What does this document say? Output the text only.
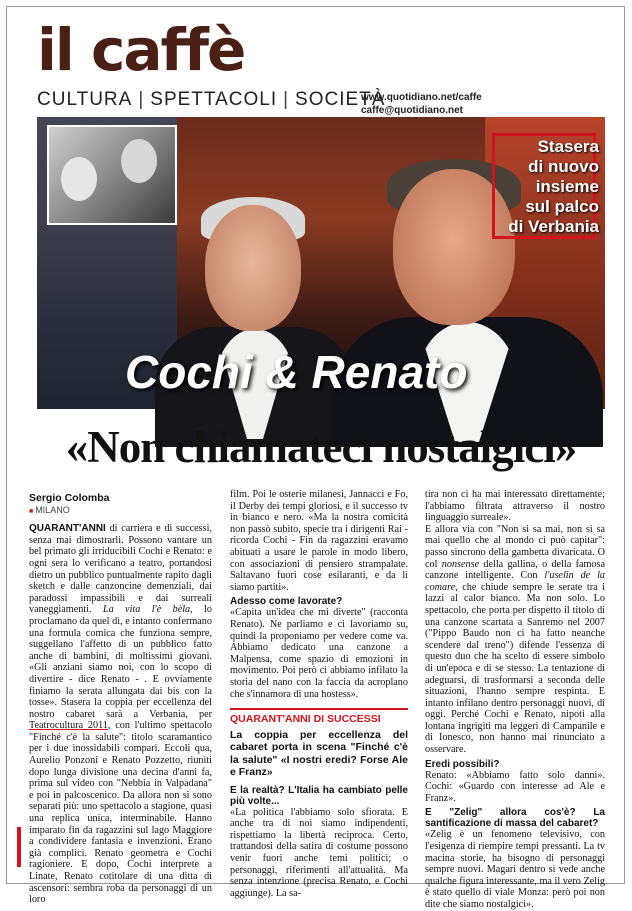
il caffè
CULTURA | SPETTACOLI | SOCIETÀ
www.quotidiano.net/caffe
caffe@quotidiano.net
Stasera
di nuovo
insieme
sul palco
di Verbania
Cochi & Renato
«Non chiamateci nostalgici»
Sergio Colomba
■ MILANO

QUARANT'ANNI di carriera e di successi, senza mai dimostrarli. Possono vantare un bel primato gli irriducibili Cochi e Renato: e ogni sera lo verificano a teatro, portandosi dietro un pubblico puntualmente rapito dagli sketch e dalle canzoncine demenziali, dai paradossi impassibili e dai surreali vaneggiamenti. La vita l'è bèla, lo proclamano da quel dì, e intanto confermano una formula comica che funziona sempre, suggellano l'affetto di un pubblico fatto anche di bambini, di moltissimi giovani. «Gli anziani siamo noi, con lo scopo di divertire - dice Renato - . E ovviamente finiamo la serata allungata dai bis con la tosse». Stasera la coppia per eccellenza del nostro cabaret sarà a Verbania, per Teatrocultura 2011, con l'ultimo spettacolo "Finché c'è la salute": titolo scaramantico per i due inossidabili compari. Eccoli qua, Aurelio Ponzoni e Renato Pozzetto, riuniti dopo lunga divisione una decina d'anni fa, prima sul video con "Nebbia in Valpadana" e poi in palcoscenico. Da allora non si sono separati più: uno spettacolo a stagione, quasi una replica unica, interminabile. Hanno imparato fin da ragazzini sul lago Maggiore a condividere fantasia e invenzioni. Erano già complici. Renato geometra e Cochi ragioniere. E dopo, Cochi interprete a Linate, Renato cotitolare di una ditta di ascensori: sembra roba da personaggi di un loro

film. Poi le osterie milanesi, Jannacci e Fo, il Derby dei tempi gloriosi, e il successo tv in bianco e nero. «Ma la nostra comicità non passò subito, specie tra i dirigenti Rai - ricorda Cochi - Fin da ragazzini eravamo abituati a usare le parole in modo libero, con associazioni di pensiero strampalate. Saltavano fuori cose esilaranti, e da lì siamo partiti».

Adesso come lavorate?

«Capita un'idea che mi diverte" (racconta Renato). Ne parliamo e ci lavoriamo su, quindi la proponiamo per vedere come va. Abbiamo dedicato una canzone a Malpensa, come spazio di emozioni in movimento. Poi però ci abbiamo infilato la storia del nano con la faccia da acroplano che s'innamora di una hostess».

QUARANT'ANNI DI SUCCESSI
La coppia per eccellenza del cabaret porta in scena "Finché c'è la salute" «I nostri eredi? Forse Ale e Franz»
E la realtà? L'Italia ha cambiato pelle più volte...

«La politica l'abbiamo solo sfiorata. E anche tra di noi siamo indipendenti, rispettiamo la libertà reciproca. Certo, trattandosi della satira di costume possono venir fuori anche temi politici; o personaggi, riferimenti all'attualità. Ma senza intenzione (precisa Renato, e Cochi aggiunge). La sa-

tira non ci ha mai interessato direttamente; l'abbiamo filtrata attraverso il nostro linguaggio surreale».

E allora via con "Non si sa mai, non si sa mai quello che al mondo ci può capitar": passo sincrono della gambetta divaricata. O col nonsense della gallina, o della famosa canzone intelligente. Con l'uselin de la comare, che chiude sempre le serate tra i lazzi al calor bianco. Ma non solo. Lo spettacolo, che porta per dispetto il titolo di una canzone scartata a Sanremo nel 2007 ("Pippo Baudo non ci ha fatto neanche scendere dal treno") difende l'essenza di questo duo che ha scelto di essere simbolo di un'epoca e di se stesso. La tentazione di adeguarsi, di trasformarsi a seconda delle situazioni, l'hanno sempre respinta. E intanto infilano dentro personaggi nuovi, di oggi. Perché Cochi e Renato, nipoti alla lontana ingrigiti ma leggeri di Campanile e di Ionesco, non hanno mai rinunciato a osservare.

Eredi possibili?

Renato: «Abbiamo fatto solo danni». Cochi: «Guardo con interesse ad Ale e Franz».

E "Zelig" allora cos'è? La santificazione di massa del cabaret?

«Zelig è un fenomeno televisivo, con l'esigenza di riempire tempi pressanti. La tv macina storie, ha bisogno di personaggi sempre nuovi. Magari dentro si vede anche qualche figura interessante, ma il vero Zelig è stato quello di viale Monza: però poi non dite che siamo nostalgici».
